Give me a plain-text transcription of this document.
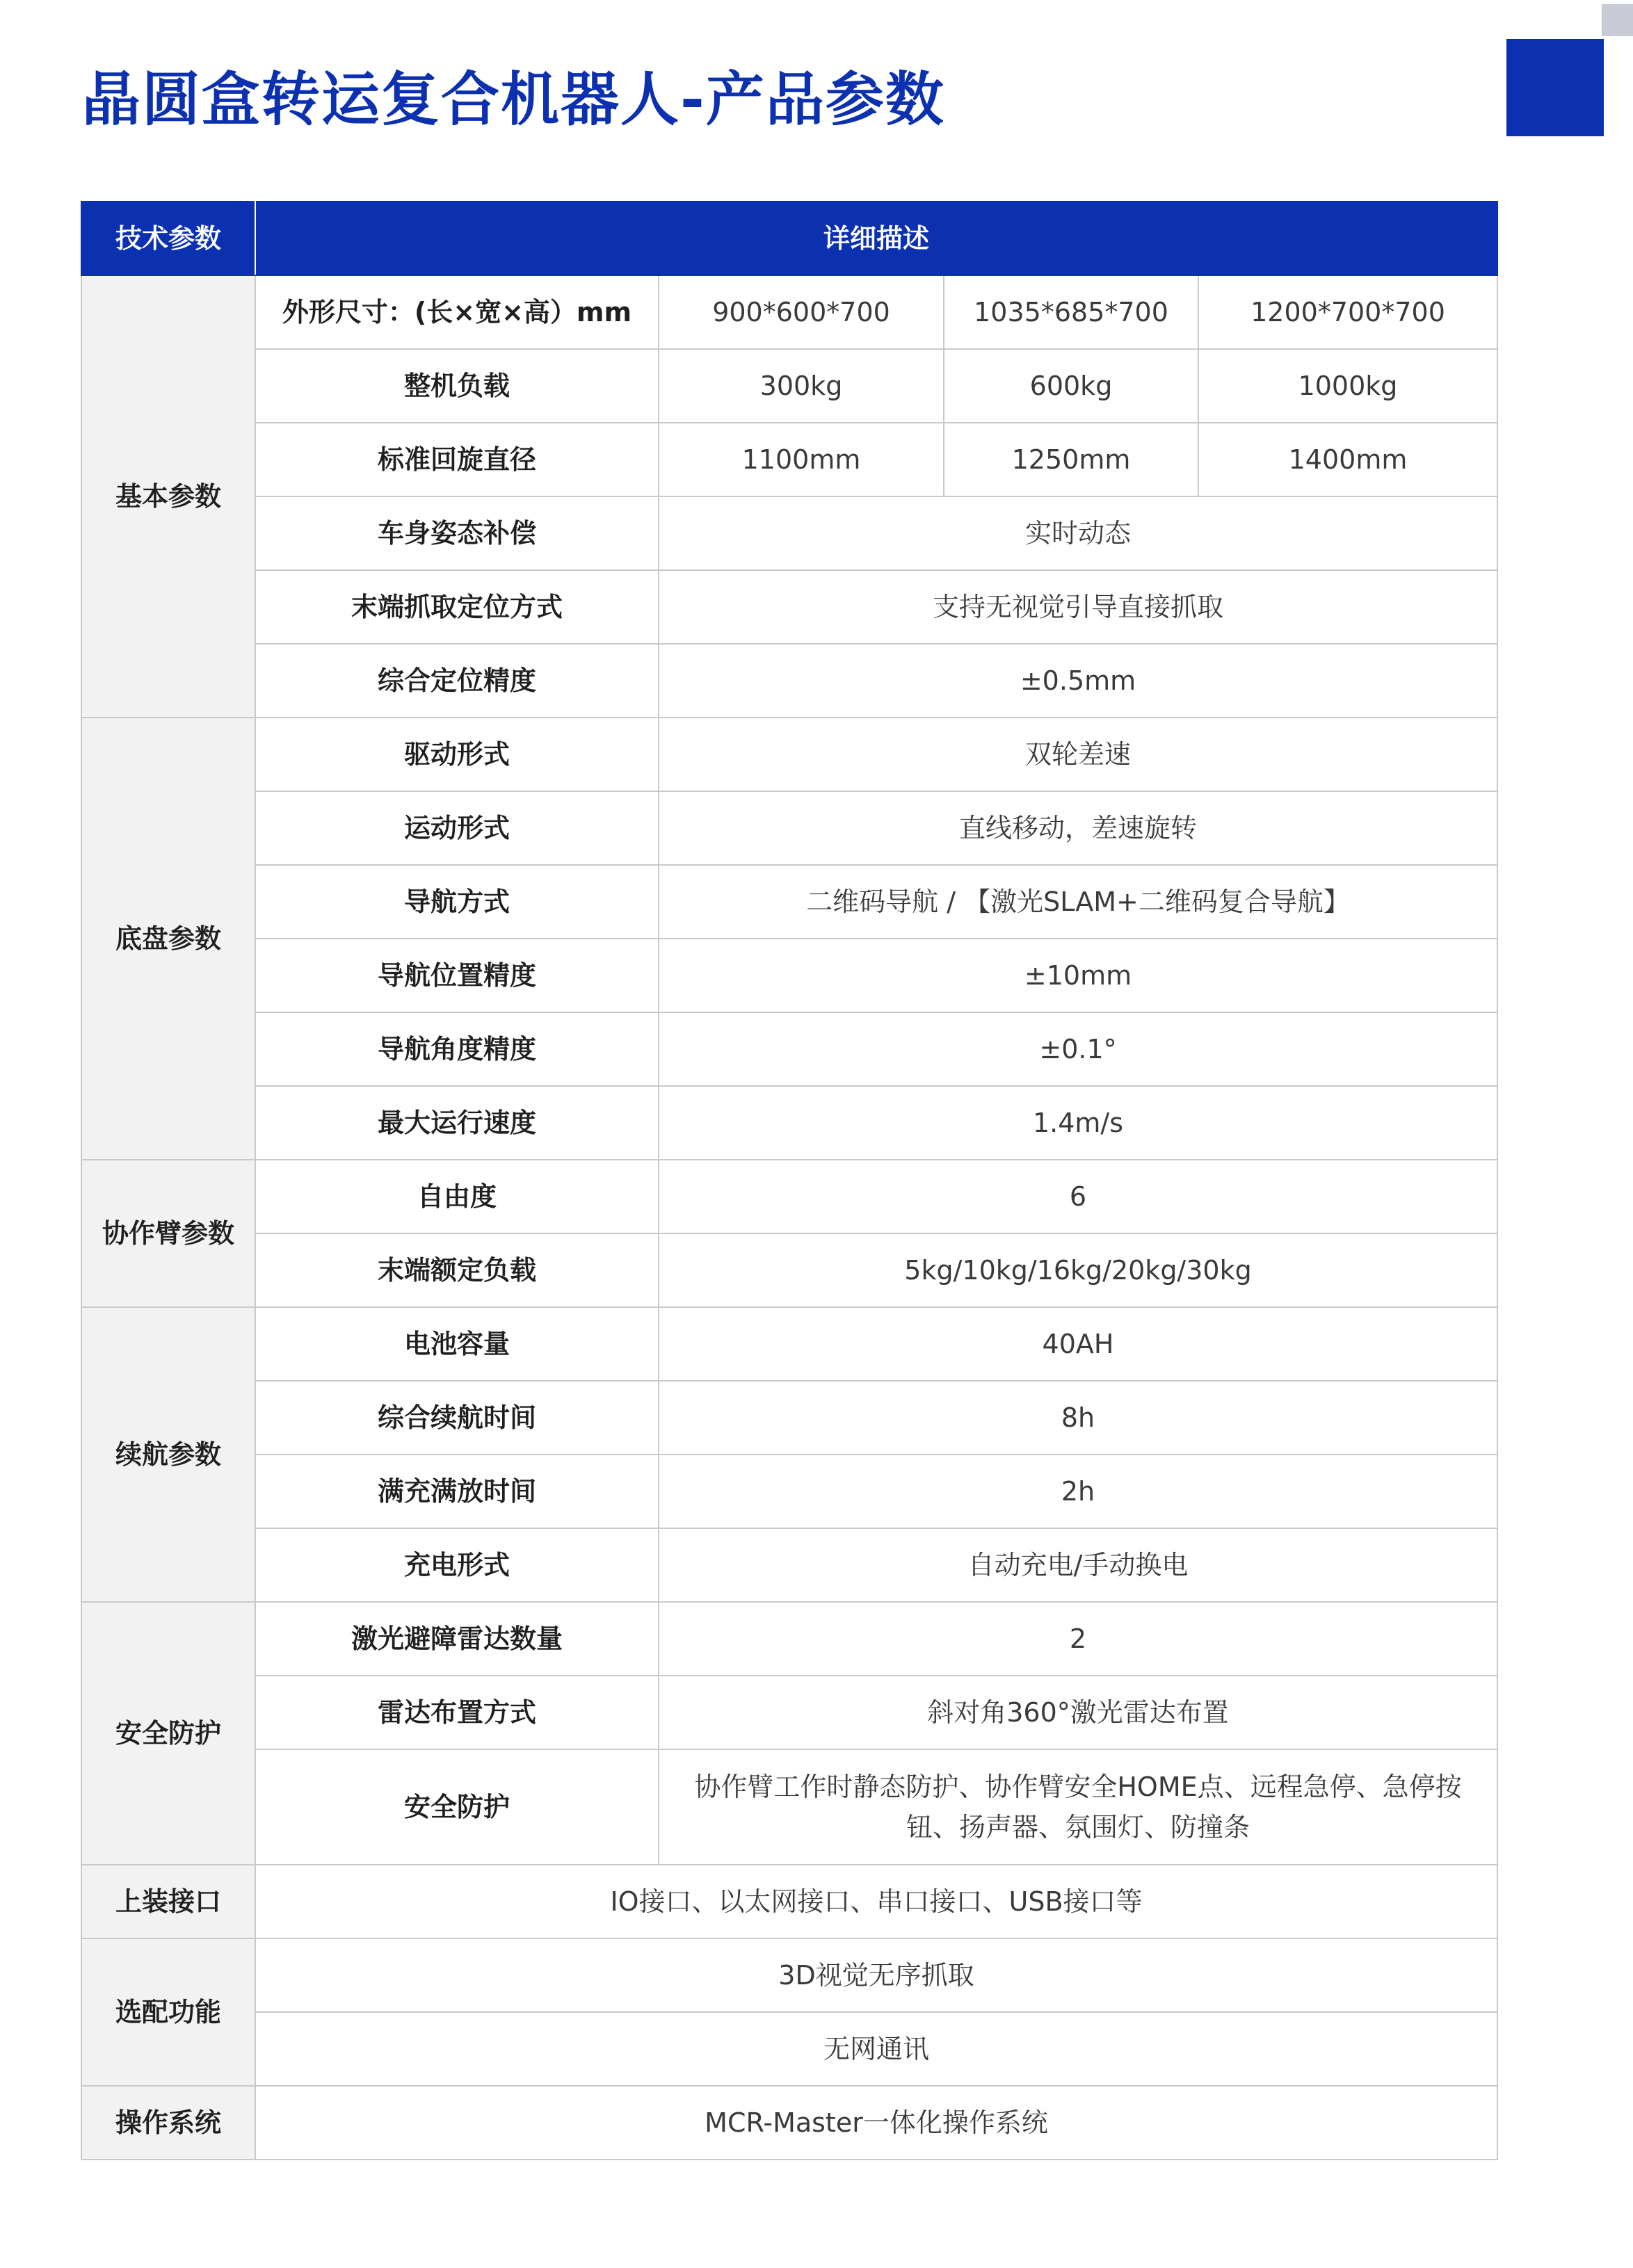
晶圆盒转运复合机器人-产品参数
技术参数	详细描述			
基本参数	外形尺寸：(长×宽×高）mm	900*600*700	1035*685*700	1200*700*700
	整机负载	300kg	600kg	1000kg
	标准回旋直径	1100mm	1250mm	1400mm
	车身姿态补偿	实时动态		
	末端抓取定位方式	支持无视觉引导直接抓取		
	综合定位精度	±0.5mm		
底盘参数	驱动形式	双轮差速		
	运动形式	直线移动，差速旋转		
	导航方式	二维码导航 / 【激光SLAM+二维码复合导航】		
	导航位置精度	±10mm		
	导航角度精度	±0.1°		
	最大运行速度	1.4m/s		
协作臂参数	自由度	6		
	末端额定负载	5kg/10kg/16kg/20kg/30kg		
续航参数	电池容量	40AH		
	综合续航时间	8h		
	满充满放时间	2h		
	充电形式	自动充电/手动换电		
安全防护	激光避障雷达数量	2		
	雷达布置方式	斜对角360°激光雷达布置		
	安全防护	协作臂工作时静态防护、协作臂安全HOME点、远程急停、急停按钮、扬声器、氛围灯、防撞条		
上装接口	IO接口、以太网接口、串口接口、USB接口等			
选配功能	3D视觉无序抓取			
	无网通讯			
操作系统	MCR-Master一体化操作系统			
